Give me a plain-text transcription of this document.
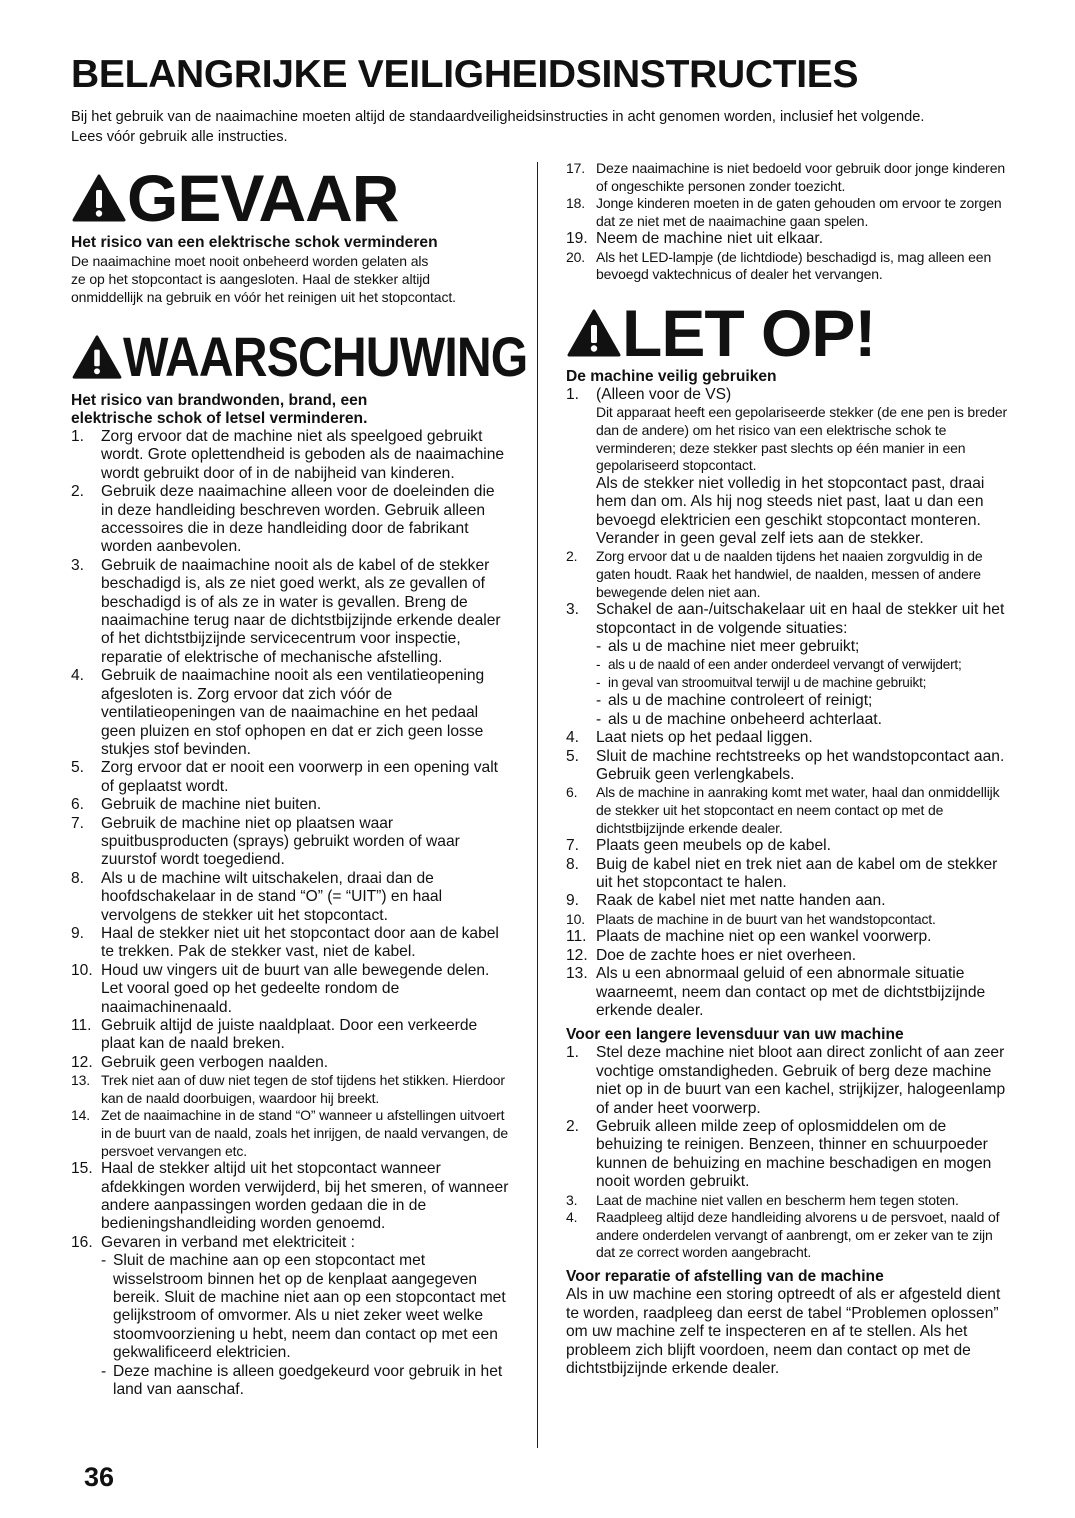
BELANGRIJKE VEILIGHEIDSINSTRUCTIES

Bij het gebruik van de naaimachine moeten altijd de standaardveiligheidsinstructies in acht genomen worden, inclusief het volgende.

Lees vóór gebruik alle instructies.

GEVAAR

Het risico van een elektrische schok verminderen

De naaimachine moet nooit onbeheerd worden gelaten als

ze op het stopcontact is aangesloten. Haal de stekker altijd

onmiddellijk na gebruik en vóór het reinigen uit het stopcontact.

WAARSCHUWING

Het risico van brandwonden, brand, een

elektrische schok of letsel verminderen.

1. Zorg ervoor dat de machine niet als speelgoed gebruikt wordt. Grote oplettendheid is geboden als de naaimachine wordt gebruikt door of in de nabijheid van kinderen.
2. Gebruik deze naaimachine alleen voor de doeleinden die in deze handleiding beschreven worden. Gebruik alleen accessoires die in deze handleiding door de fabrikant worden aanbevolen.
3. Gebruik de naaimachine nooit als de kabel of de stekker beschadigd is, als ze niet goed werkt, als ze gevallen of beschadigd is of als ze in water is gevallen. Breng de naaimachine terug naar de dichtstbijzijnde erkende dealer of het dichtstbijzijnde servicecentrum voor inspectie, reparatie of elektrische of mechanische afstelling.
4. Gebruik de naaimachine nooit als een ventilatieopening afgesloten is. Zorg ervoor dat zich vóór de ventilatieopeningen van de naaimachine en het pedaal geen pluizen en stof ophopen en dat er zich geen losse stukjes stof bevinden.
5. Zorg ervoor dat er nooit een voorwerp in een opening valt of geplaatst wordt.
6. Gebruik de machine niet buiten.
7. Gebruik de machine niet op plaatsen waar spuitbusproducten (sprays) gebruikt worden of waar zuurstof wordt toegediend.
8. Als u de machine wilt uitschakelen, draai dan de hoofdschakelaar in de stand “O” (= “UIT”) en haal vervolgens de stekker uit het stopcontact.
9. Haal de stekker niet uit het stopcontact door aan de kabel te trekken. Pak de stekker vast, niet de kabel.
10. Houd uw vingers uit de buurt van alle bewegende delen. Let vooral goed op het gedeelte rondom de naaimachinenaald.
11. Gebruik altijd de juiste naaldplaat. Door een verkeerde plaat kan de naald breken.
12. Gebruik geen verbogen naalden.
13. Trek niet aan of duw niet tegen de stof tijdens het stikken. Hierdoor kan de naald doorbuigen, waardoor hij breekt.
14. Zet de naaimachine in de stand “O” wanneer u afstellingen uitvoert in de buurt van de naald, zoals het inrijgen, de naald vervangen, de persvoet vervangen etc.
15. Haal de stekker altijd uit het stopcontact wanneer afdekkingen worden verwijderd, bij het smeren, of wanneer andere aanpassingen worden gedaan die in de bedieningshandleiding worden genoemd.
16. Gevaren in verband met elektriciteit :
- Sluit de machine aan op een stopcontact met wisselstroom binnen het op de kenplaat aangegeven bereik. Sluit de machine niet aan op een stopcontact met gelijkstroom of omvormer. Als u niet zeker weet welke stoomvoorziening u hebt, neem dan contact op met een gekwalificeerd elektricien.
- Deze machine is alleen goedgekeurd voor gebruik in het land van aanschaf.
17. Deze naaimachine is niet bedoeld voor gebruik door jonge kinderen of ongeschikte personen zonder toezicht.
18. Jonge kinderen moeten in de gaten gehouden om ervoor te zorgen dat ze niet met de naaimachine gaan spelen.
19. Neem de machine niet uit elkaar.
20. Als het LED-lampje (de lichtdiode) beschadigd is, mag alleen een bevoegd vaktechnicus of dealer het vervangen.
LET OP!

De machine veilig gebruiken

1. (Alleen voor de VS)
Dit apparaat heeft een gepolariseerde stekker (de ene pen is breder dan de andere) om het risico van een elektrische schok te verminderen; deze stekker past slechts op één manier in een gepolariseerd stopcontact.
Als de stekker niet volledig in het stopcontact past, draai hem dan om. Als hij nog steeds niet past, laat u dan een bevoegd elektricien een geschikt stopcontact monteren.
Verander in geen geval zelf iets aan de stekker.
2. Zorg ervoor dat u de naalden tijdens het naaien zorgvuldig in de gaten houdt. Raak het handwiel, de naalden, messen of andere bewegende delen niet aan.
3. Schakel de aan-/uitschakelaar uit en haal de stekker uit het stopcontact in de volgende situaties:
- als u de machine niet meer gebruikt;
- als u de naald of een ander onderdeel vervangt of verwijdert;
- in geval van stroomuitval terwijl u de machine gebruikt;
- als u de machine controleert of reinigt;
- als u de machine onbeheerd achterlaat.
4. Laat niets op het pedaal liggen.
5. Sluit de machine rechtstreeks op het wandstopcontact aan. Gebruik geen verlengkabels.
6. Als de machine in aanraking komt met water, haal dan onmiddellijk de stekker uit het stopcontact en neem contact op met de dichtstbijzijnde erkende dealer.
7. Plaats geen meubels op de kabel.
8. Buig de kabel niet en trek niet aan de kabel om de stekker uit het stopcontact te halen.
9. Raak de kabel niet met natte handen aan.
10. Plaats de machine in de buurt van het wandstopcontact.
11. Plaats de machine niet op een wankel voorwerp.
12. Doe de zachte hoes er niet overheen.
13. Als u een abnormaal geluid of een abnormale situatie waarneemt, neem dan contact op met de dichtstbijzijnde erkende dealer.

Voor een langere levensduur van uw machine

1. Stel deze machine niet bloot aan direct zonlicht of aan zeer vochtige omstandigheden. Gebruik of berg deze machine niet op in de buurt van een kachel, strijkijzer, halogeenlamp of ander heet voorwerp.
2. Gebruik alleen milde zeep of oplosmiddelen om de behuizing te reinigen. Benzeen, thinner en schuurpoeder kunnen de behuizing en machine beschadigen en mogen nooit worden gebruikt.
3. Laat de machine niet vallen en bescherm hem tegen stoten.
4. Raadpleeg altijd deze handleiding alvorens u de persvoet, naald of andere onderdelen vervangt of aanbrengt, om er zeker van te zijn dat ze correct worden aangebracht.

Voor reparatie of afstelling van de machine

Als in uw machine een storing optreedt of als er afgesteld dient te worden, raadpleeg dan eerst de tabel “Problemen oplossen” om uw machine zelf te inspecteren en af te stellen. Als het probleem zich blijft voordoen, neem dan contact op met de dichtstbijzijnde erkende dealer.

36
